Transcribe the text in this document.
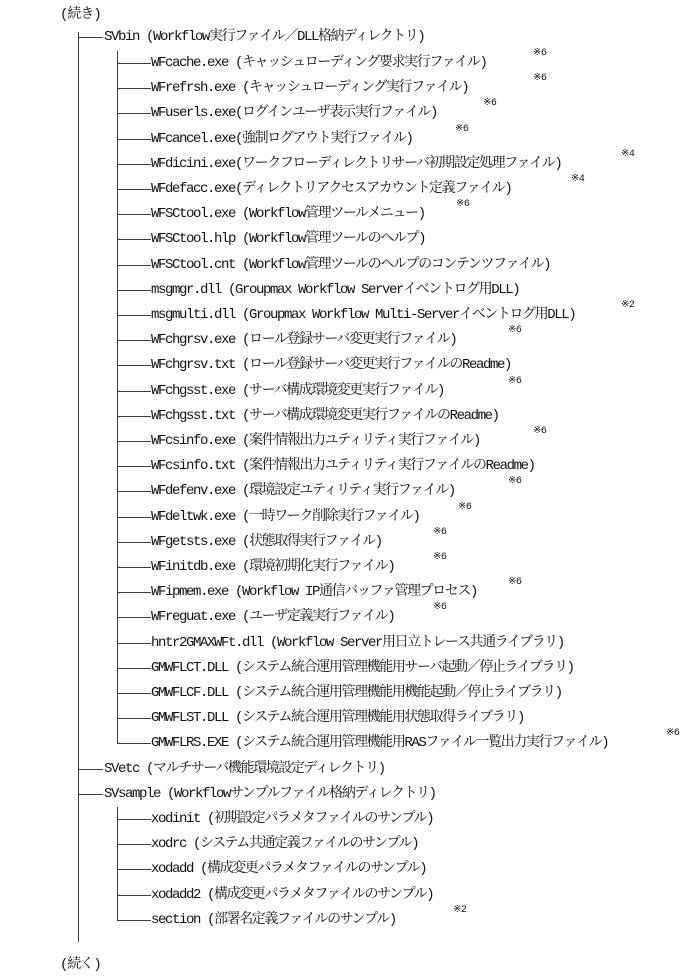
(続き)
SVbin (Workflow実行ファイル／DLL格納ディレクトリ)
WFcache.exe (キャッシュローディング要求実行ファイル)
※6
WFrefrsh.exe (キャッシュローディング実行ファイル)
※6
WFuserls.exe(ログインユーザ表示実行ファイル)
※6
WFcancel.exe(強制ログアウト実行ファイル)
※6
WFdicini.exe(ワークフローディレクトリサーバ初期設定処理ファイル)
※4
WFdefacc.exe(ディレクトリアクセスアカウント定義ファイル)
※4
WFSCtool.exe (Workflow管理ツールメニュー)
※6
WFSCtool.hlp (Workflow管理ツールのヘルプ)
WFSCtool.cnt (Workflow管理ツールのヘルプのコンテンツファイル)
msgmgr.dll (Groupmax Workflow Serverイベントログ用DLL)
msgmulti.dll (Groupmax Workflow Multi-Serverイベントログ用DLL)
※2
WFchgrsv.exe (ロール登録サーバ変更実行ファイル)
※6
WFchgrsv.txt (ロール登録サーバ変更実行ファイルのReadme)
WFchgsst.exe (サーバ構成環境変更実行ファイル)
※6
WFchgsst.txt (サーバ構成環境変更実行ファイルのReadme)
WFcsinfo.exe (案件情報出力ユティリティ実行ファイル)
※6
WFcsinfo.txt (案件情報出力ユティリティ実行ファイルのReadme)
WFdefenv.exe (環境設定ユティリティ実行ファイル)
※6
WFdeltwk.exe (一時ワーク削除実行ファイル)
※6
WFgetsts.exe (状態取得実行ファイル)
※6
WFinitdb.exe (環境初期化実行ファイル)
※6
WFipmem.exe (Workflow IP通信バッファ管理プロセス)
※6
WFreguat.exe (ユーザ定義実行ファイル)
※6
hntr2GMAXWFt.dll (Workflow Server用日立トレース共通ライブラリ)
GMWFLCT.DLL (システム統合運用管理機能用サーバ起動／停止ライブラリ)
GMWFLCF.DLL (システム統合運用管理機能用機能起動／停止ライブラリ)
GMWFLST.DLL (システム統合運用管理機能用状態取得ライブラリ)
GMWFLRS.EXE (システム統合運用管理機能用RASファイル一覧出力実行ファイル)
※6
SVetc (マルチサーバ機能環境設定ディレクトリ)
SVsample (Workflowサンプルファイル格納ディレクトリ)
xodinit (初期設定パラメタファイルのサンプル)
xodrc (システム共通定義ファイルのサンプル)
xodadd (構成変更パラメタファイルのサンプル)
xodadd2 (構成変更パラメタファイルのサンプル)
section (部署名定義ファイルのサンプル)
※2
(続く)
